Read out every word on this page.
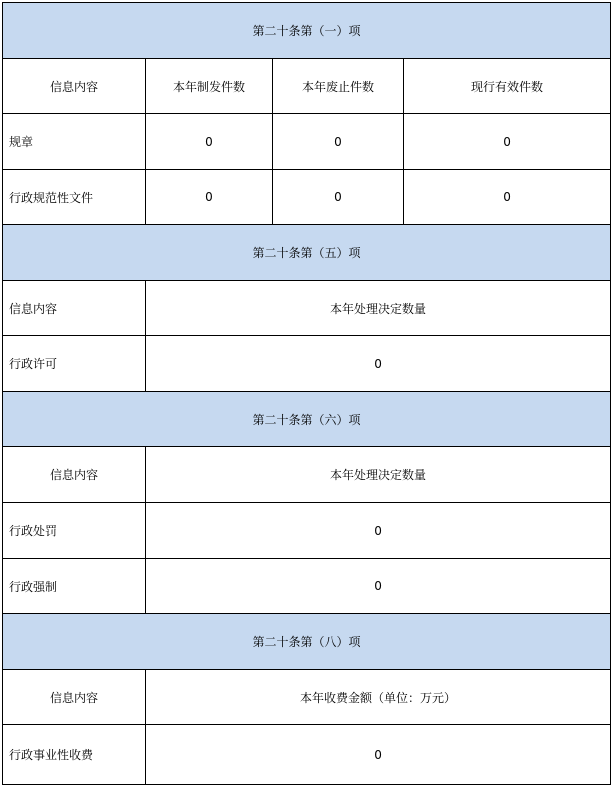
第二十条第（一）项			
信息内容	本年制发件数	本年废止件数	现行有效件数
规章	0	0	0
行政规范性文件	0	0	0
第二十条第（五）项			
信息内容	本年处理决定数量		
行政许可	0		
第二十条第（六）项			
信息内容	本年处理决定数量		
行政处罚	0		
行政强制	0		
第二十条第（八）项			
信息内容	本年收费金额（单位：万元）		
行政事业性收费	0		
